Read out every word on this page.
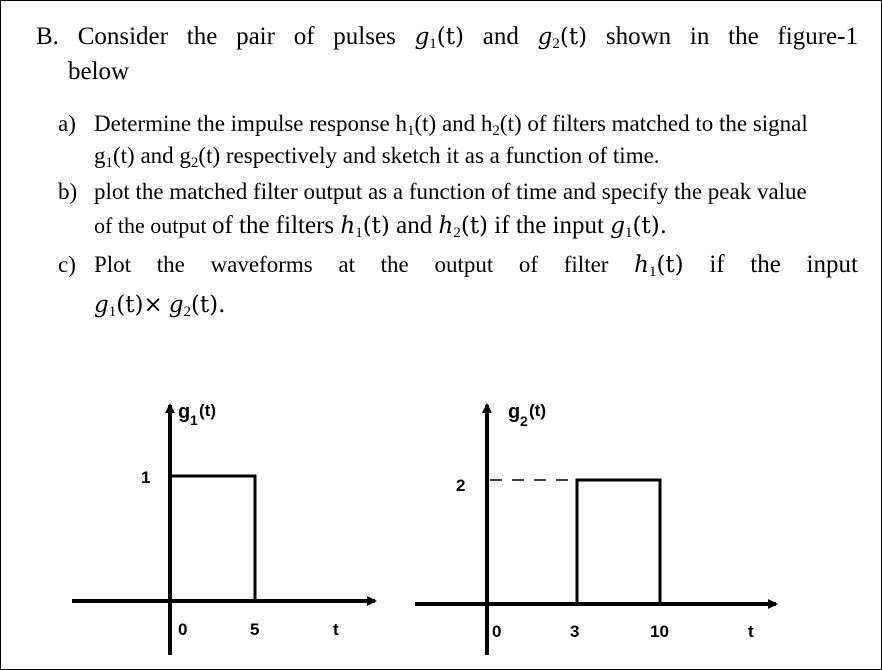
B. Consider the pair of pulses $g_1(t)$ and $g_2(t)$ shown in the figure-1
below
a) Determine the impulse response $h_1(t)$ and $h_2(t)$ of filters matched to the signal
$g_1(t)$ and $g_2(t)$ respectively and sketch it as a function of time.
b) plot the matched filter output as a function of time and specify the peak value
of the output of the filters $h_1(t)$ and $h_2(t)$ if the input $g_1(t)$.
c) Plot the waveforms at the output of filter $h_1(t)$ if the input
$g_1(t)\times g_2(t)$.
g 1 (t)
1
0	5	t
g 2
(t)
2
0	3	10	t
